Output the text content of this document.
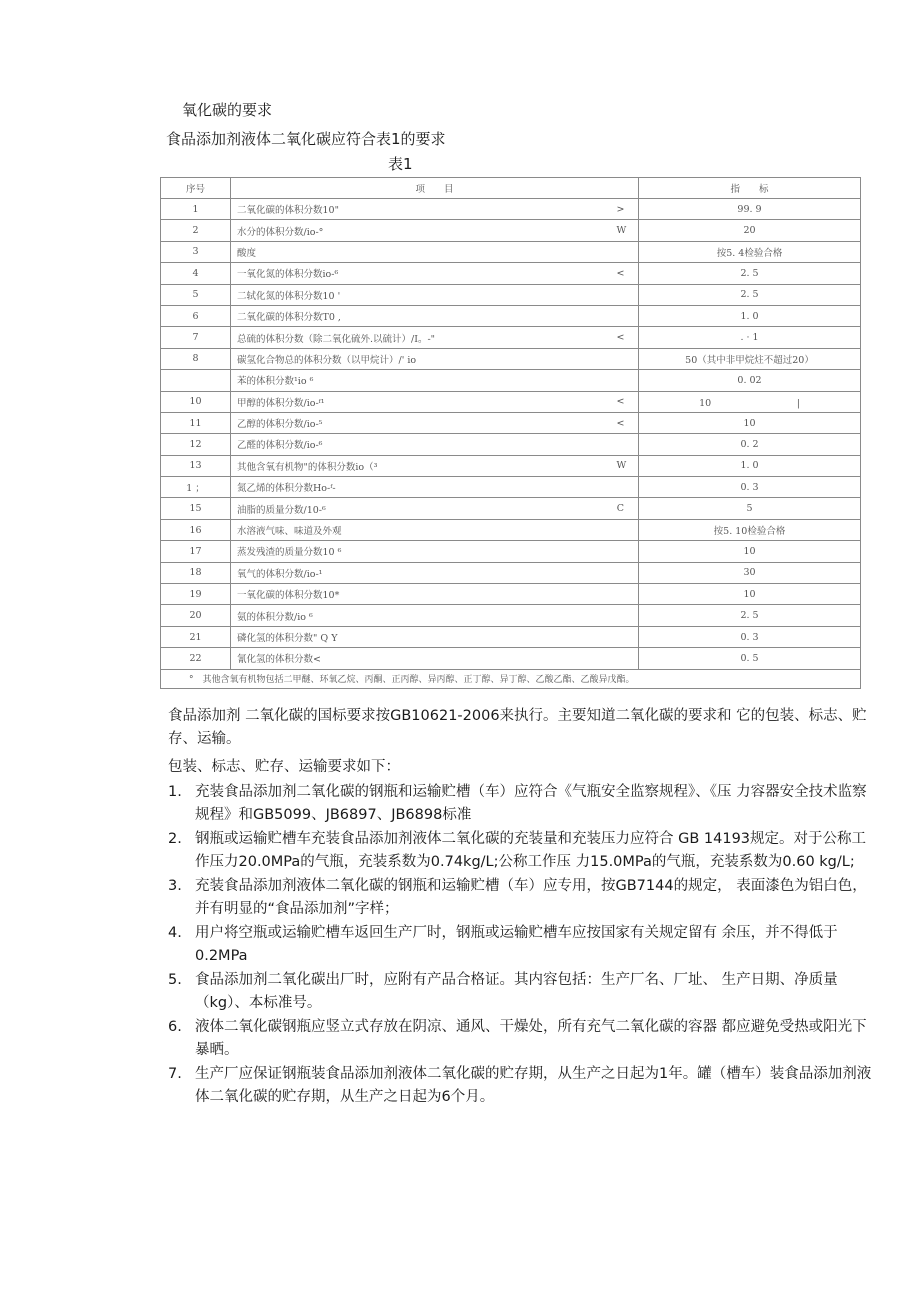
氧化碳的要求
食品添加剂液体二氧化碳应符合表1的要求
表1
序号	项　　目		指　　标
1	二氧化碳的体积分数10"	>	99. 9
2	水分的体积分数/io-°	W	20
3	酸度		按5. 4检验合格
4	一氧化氮的体积分数io-⁶	<	2. 5
5	二轼化氮的体积分数10 '		2. 5
6	二氧化碳的体积分数T0 ,		1. 0
7	总硫的体积分数（除二氧化硫外.以硫计）/I。-"	<	. · 1
8	碳氢化合物总的体积分数（以甲烷计）/' io		50（其中非甲烷炷不超过20）
	苯的体积分数¹io ⁶		0. 02
10	甲醇的体积分数/io-ᶠ¹	<	10　　　　　　　　　|
11	乙醇的体积分数/io-⁵	<	10
12	乙醛的体积分数/io-⁶		0. 2
13	其他含氧有机物"的体积分数io（³	W	1. 0
1 ；	氮乙烯的体积分数Ho-ᶠ-		0. 3
15	油脂的质量分数/10-⁶	C	5
16	水溶液气味、味道及外观		按5. 10检验合格
17	蒸发残渣的质量分数10 ⁶		10
18	氧气的体积分数/io-¹		30
19	一氧化碳的体积分数10*		10
20	氨的体积分数/io ⁶		2. 5
21	磷化氢的体积分数" Q Y		0. 3
22	氰化氢的体积分数<		0. 5
°　其他含氧有机物包括二甲醚、环氧乙烷、丙酮、正丙醇、异丙醇、正丁醇、异丁醇、乙酸乙酯、乙酸异戊酯。			
食品添加剂 二氧化碳的国标要求按GB10621-2006来执行。主要知道二氧化碳的要求和 它的包装、标志、贮存、运输。
包装、标志、贮存、运输要求如下：
1. 充装食品添加剂二氧化碳的钢瓶和运输贮槽（车）应符合《气瓶安全监察规程》、《压 力容器安全技术监察规程》和GB5099、JB6897、JB6898标准
2. 钢瓶或运输贮槽车充装食品添加剂液体二氧化碳的充装量和充装压力应符合 GB 14193规定。对于公称工作压力20.0MPa的气瓶，充装系数为0.74kg/L;公称工作压 力15.0MPa的气瓶，充装系数为0.60 kg/L;
3. 充装食品添加剂液体二氧化碳的钢瓶和运输贮槽（车）应专用，按GB7144的规定， 表面漆色为铝白色，并有明显的“食品添加剂”字样；
4. 用户将空瓶或运输贮槽车返回生产厂时，钢瓶或运输贮槽车应按国家有关规定留有 余压，并不得低于0.2MPa
5. 食品添加剂二氧化碳出厂时，应附有产品合格证。其内容包括：生产厂名、厂址、 生产日期、净质量（kg）、本标准号。
6. 液体二氧化碳钢瓶应竖立式存放在阴凉、通风、干燥处，所有充气二氧化碳的容器 都应避免受热或阳光下暴晒。
7. 生产厂应保证钢瓶装食品添加剂液体二氧化碳的贮存期，从生产之日起为1年。罐（槽车）装食品添加剂液体二氧化碳的贮存期，从生产之日起为6个月。
